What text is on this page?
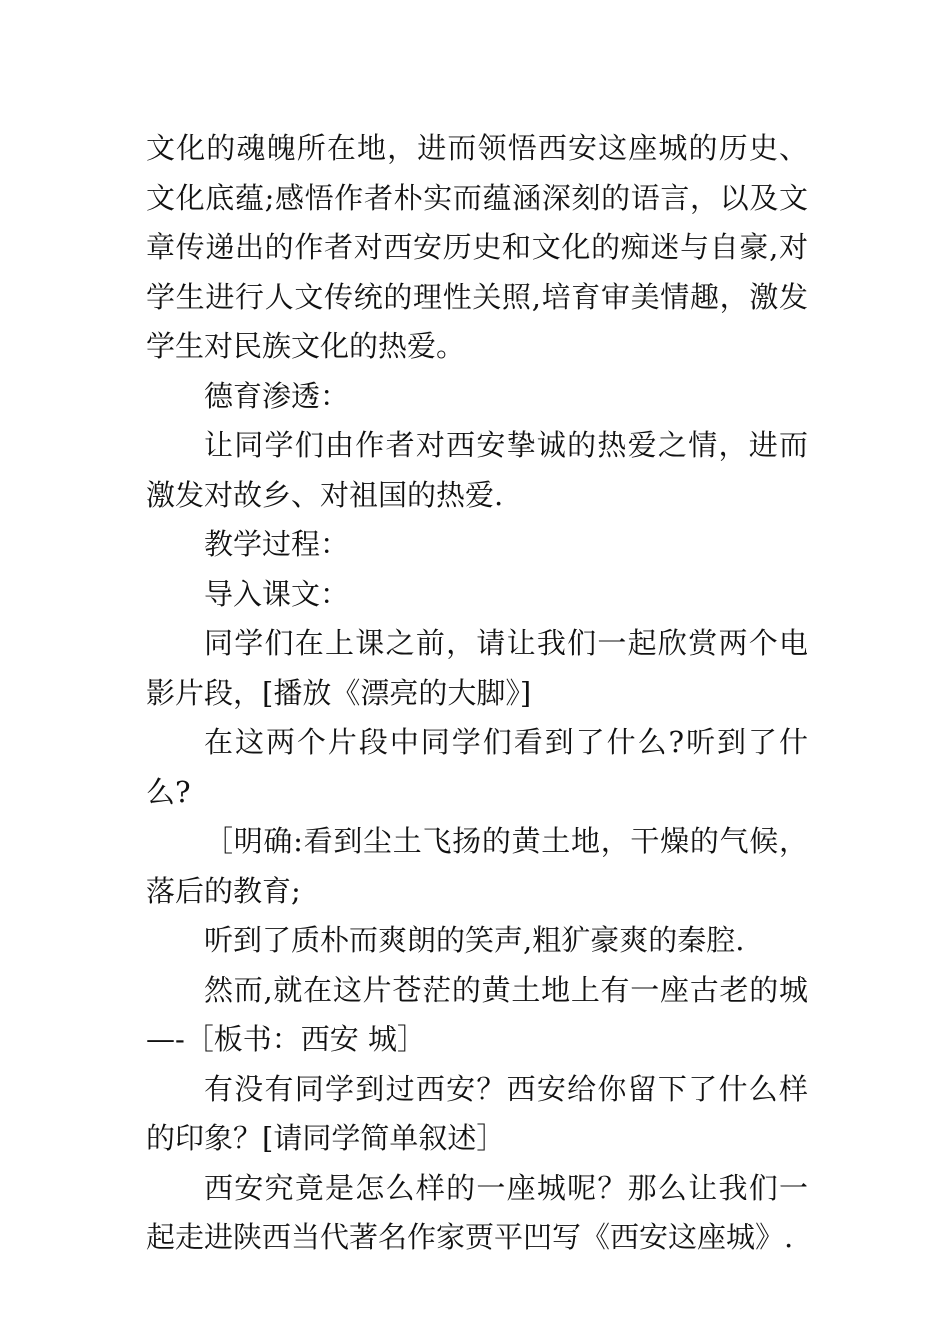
文化的魂魄所在地，进而领悟西安这座城的历史、文化底蕴;感悟作者朴实而蕴涵深刻的语言，以及文章传递出的作者对西安历史和文化的痴迷与自豪,对学生进行人文传统的理性关照,培育审美情趣，激发学生对民族文化的热爱。

德育渗透：

让同学们由作者对西安挚诚的热爱之情，进而激发对故乡、对祖国的热爱.

教学过程：

导入课文：

同学们在上课之前，请让我们一起欣赏两个电影片段，[播放《漂亮的大脚》]

在这两个片段中同学们看到了什么?听到了什么?

［明确:看到尘土飞扬的黄土地，干燥的气候，落后的教育;

听到了质朴而爽朗的笑声,粗犷豪爽的秦腔.

然而,就在这片苍茫的黄土地上有一座古老的城—-［板书：西安 城］

有没有同学到过西安？西安给你留下了什么样的印象？[请同学简单叙述］

西安究竟是怎么样的一座城呢？那么让我们一起走进陕西当代著名作家贾平凹写《西安这座城》.
